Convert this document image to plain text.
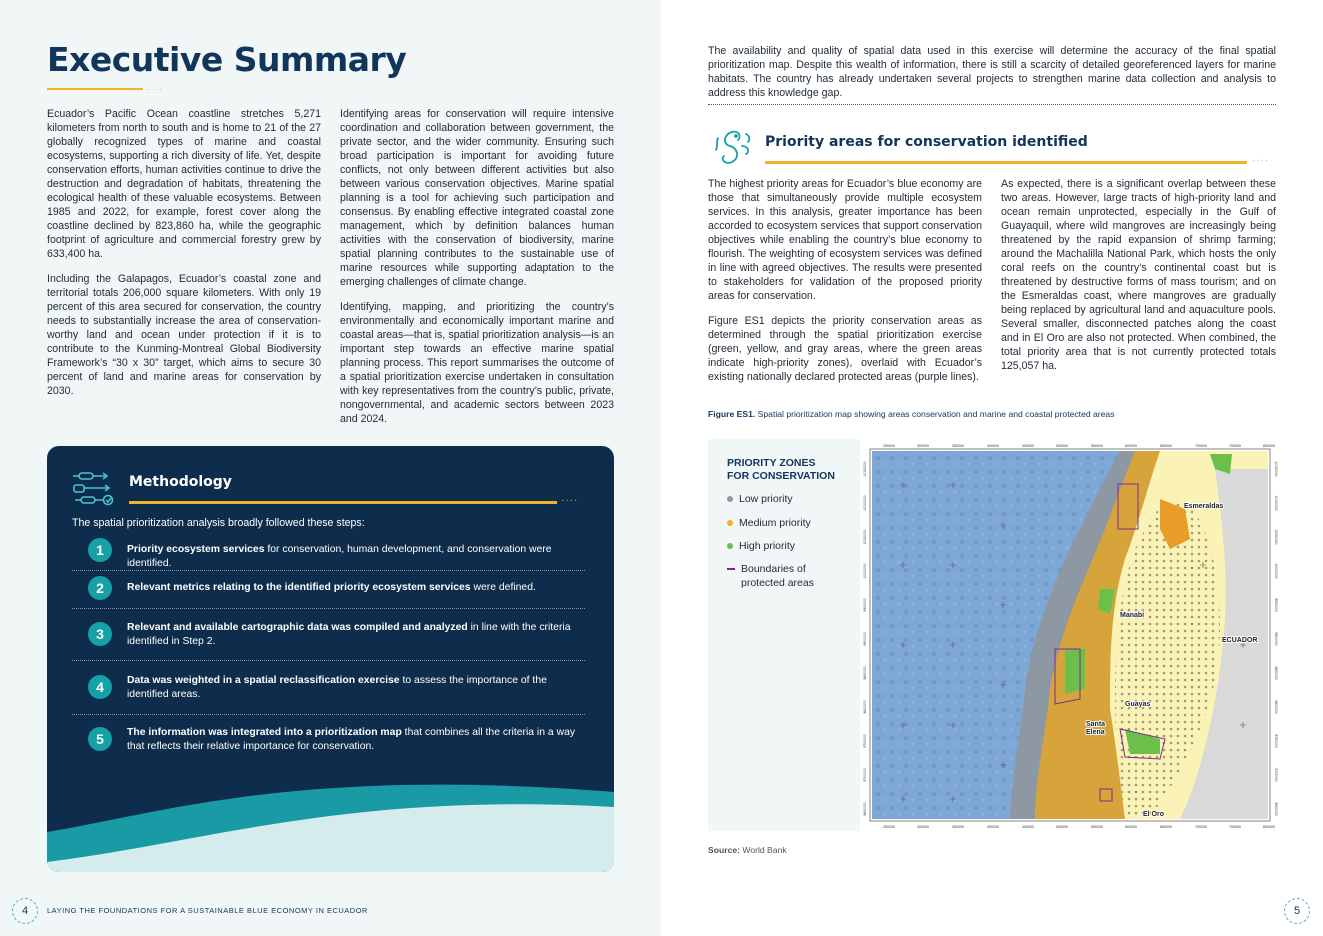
Executive Summary
····

Ecuador’s Pacific Ocean coastline stretches 5,271 kilometers from north to south and is home to 21 of the 27 globally recognized types of marine and coastal ecosystems, supporting a rich diversity of life. Yet, despite conservation efforts, human activities continue to drive the destruction and degradation of habitats, threatening the ecological health of these valuable ecosystems. Between 1985 and 2022, for example, forest cover along the coastline declined by 823,860 ha, while the geographic footprint of agriculture and commercial forestry grew by 633,400 ha.

Including the Galapagos, Ecuador’s coastal zone and territorial totals 206,000 square kilometers. With only 19 percent of this area secured for conservation, the country needs to substantially increase the area of conservation-worthy land and ocean under protection if it is to contribute to the Kunming-Montreal Global Biodiversity Framework’s “30 x 30” target, which aims to secure 30 percent of land and marine areas for conservation by 2030.

Identifying areas for conservation will require intensive coordination and collaboration between government, the private sector, and the wider community. Ensuring such broad participation is important for avoiding future conflicts, not only between different activities but also between various conservation objectives. Marine spatial planning is a tool for achieving such participation and consensus. By enabling effective integrated coastal zone management, which by definition balances human activities with the conservation of biodiversity, marine spatial planning contributes to the sustainable use of marine resources while supporting adaptation to the emerging challenges of climate change.

Identifying, mapping, and prioritizing the country’s environmentally and economically important marine and coastal areas—that is, spatial prioritization analysis—is an important step towards an effective marine spatial planning process. This report summarises the outcome of a spatial prioritization exercise undertaken in consultation with key representatives from the country’s public, private, nongovernmental, and academic sectors between 2023 and 2024.

Methodology
····
The spatial prioritization analysis broadly followed these steps:
1	Priority ecosystem services for conservation, human development, and conservation were identified.
2	Relevant metrics relating to the identified priority ecosystem services were defined.
3	Relevant and available cartographic data was compiled and analyzed in line with the criteria identified in Step 2.
4	Data was weighted in a spatial reclassification exercise to assess the importance of the identified areas.
5	The information was integrated into a prioritization map that combines all the criteria in a way that reflects their relative importance for conservation.
4	LAYING THE FOUNDATIONS FOR A SUSTAINABLE BLUE ECONOMY IN ECUADOR
The availability and quality of spatial data used in this exercise will determine the accuracy of the final spatial prioritization map. Despite this wealth of information, there is still a scarcity of detailed georeferenced layers for marine habitats. The country has already undertaken several projects to strengthen marine data collection and analysis to address this knowledge gap.
Priority areas for conservation identified
····

The highest priority areas for Ecuador’s blue economy are those that simultaneously provide multiple ecosystem services. In this analysis, greater importance has been accorded to ecosystem services that support conservation objectives while enabling the country’s blue economy to flourish. The weighting of ecosystem services was defined in line with agreed objectives. The results were presented to stakeholders for validation of the proposed priority areas for conservation.

Figure ES1 depicts the priority conservation areas as determined through the spatial prioritization exercise (green, yellow, and gray areas, where the green areas indicate high-priority zones), overlaid with Ecuador’s existing nationally declared protected areas (purple lines).

As expected, there is a significant overlap between these two areas. However, large tracts of high-priority land and ocean remain unprotected, especially in the Gulf of Guayaquil, where wild mangroves are increasingly being threatened by the rapid expansion of shrimp farming; around the Machalilla National Park, which hosts the only coral reefs on the country’s continental coast but is threatened by destructive forms of mass tourism; and on the Esmeraldas coast, where mangroves are gradually being replaced by agricultural land and aquaculture pools. Several smaller, disconnected patches along the coast and in El Oro are also not protected. When combined, the total priority area that is not currently protected totals 125,057 ha.

Figure ES1. Spatial prioritization map showing areas conservation and marine and coastal protected areas
PRIORITY ZONES
FOR CONSERVATION
Low priority
Medium priority
High priority
Boundaries of
protected areas
250000	300000	350000	400000	450000	500000	550000	600000	650000	700000	750000	800000
250000	300000	350000	400000	450000	500000	550000	600000	650000	700000	750000	800000
10150000
10100000
10050000
10000000
9950000
9900000
9850000
9800000
9750000
9700000
9650000
10150000
10100000
10050000
10000000
9950000
9900000
9850000
9800000
9750000
9700000
9650000
Esmeraldas
Manabí
ECUADOR
Guayas
Santa
Elena
El Oro
Source: World Bank
5
